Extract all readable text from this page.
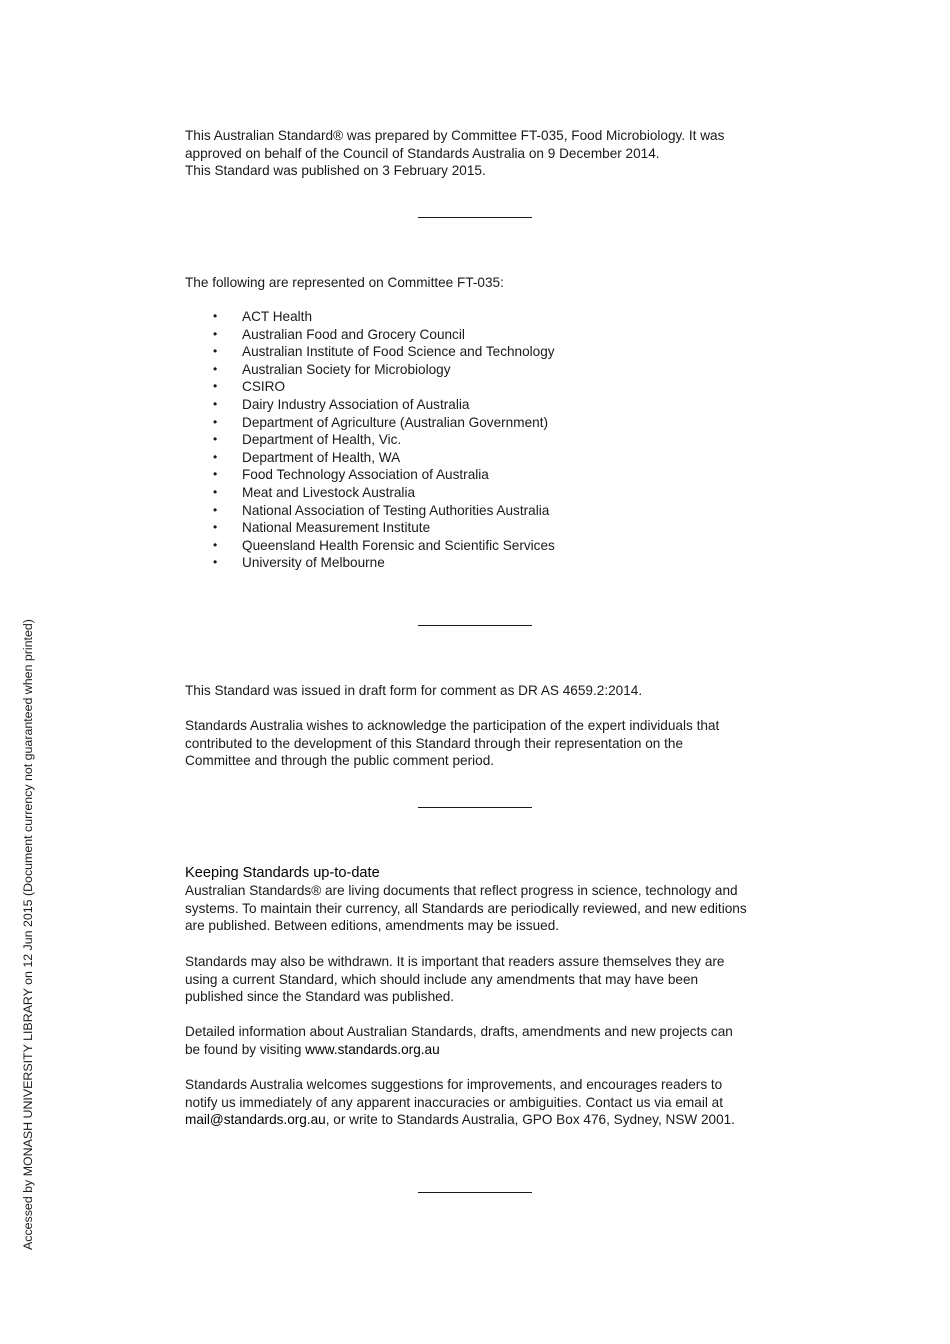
This Australian Standard® was prepared by Committee FT-035, Food Microbiology. It was
approved on behalf of the Council of Standards Australia on 9 December 2014.
This Standard was published on 3 February 2015.

The following are represented on Committee FT-035:

• ACT Health
• Australian Food and Grocery Council
• Australian Institute of Food Science and Technology
• Australian Society for Microbiology
• CSIRO
• Dairy Industry Association of Australia
• Department of Agriculture (Australian Government)
• Department of Health, Vic.
• Department of Health, WA
• Food Technology Association of Australia
• Meat and Livestock Australia
• National Association of Testing Authorities Australia
• National Measurement Institute
• Queensland Health Forensic and Scientific Services
• University of Melbourne

This Standard was issued in draft form for comment as DR AS 4659.2:2014.

Standards Australia wishes to acknowledge the participation of the expert individuals that
contributed to the development of this Standard through their representation on the
Committee and through the public comment period.

Keeping Standards up-to-date

Australian Standards® are living documents that reflect progress in science, technology and
systems. To maintain their currency, all Standards are periodically reviewed, and new editions
are published. Between editions, amendments may be issued.

Standards may also be withdrawn. It is important that readers assure themselves they are
using a current Standard, which should include any amendments that may have been
published since the Standard was published.

Detailed information about Australian Standards, drafts, amendments and new projects can
be found by visiting www.standards.org.au

Standards Australia welcomes suggestions for improvements, and encourages readers to
notify us immediately of any apparent inaccuracies or ambiguities. Contact us via email at
mail@standards.org.au, or write to Standards Australia, GPO Box 476, Sydney, NSW 2001.

Accessed by MONASH UNIVERSITY LIBRARY on 12 Jun 2015 (Document currency not guaranteed when printed)
